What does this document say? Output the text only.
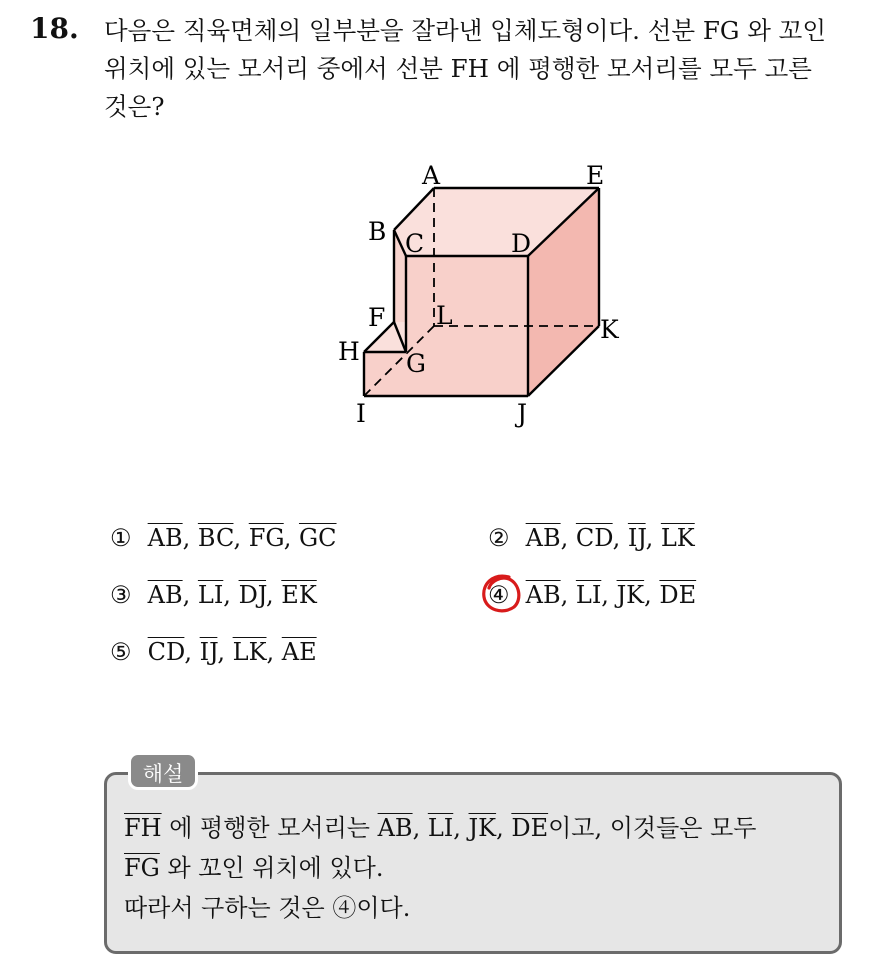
18. 다음은 직육면체의 일부분을 잘라낸 입체도형이다. 선분 FG 와 꼬인
위치에 있는 모서리 중에서 선분 FH 에 평행한 모서리를 모두 고른
것은?
A	E
B C	D
F L	K
H G
I	J
① $\overline{AB}$, $\overline{BC}$, $\overline{FG}$, $\overline{GC}$	② $\overline{AB}$, $\overline{CD}$, $\overline{IJ}$, $\overline{LK}$
③ $\overline{AB}$, $\overline{LI}$, $\overline{DJ}$, $\overline{EK}$	④ $\overline{AB}$, $\overline{LI}$, $\overline{JK}$, $\overline{DE}$
⑤ $\overline{CD}$, $\overline{IJ}$, $\overline{LK}$, $\overline{AE}$
해설
$\overline{FH}$ 에 평행한 모서리는 $\overline{AB}$, $\overline{LI}$, $\overline{JK}$, $\overline{DE}$이고, 이것들은 모두
$\overline{FG}$ 와 꼬인 위치에 있다.
따라서 구하는 것은 ④이다.
